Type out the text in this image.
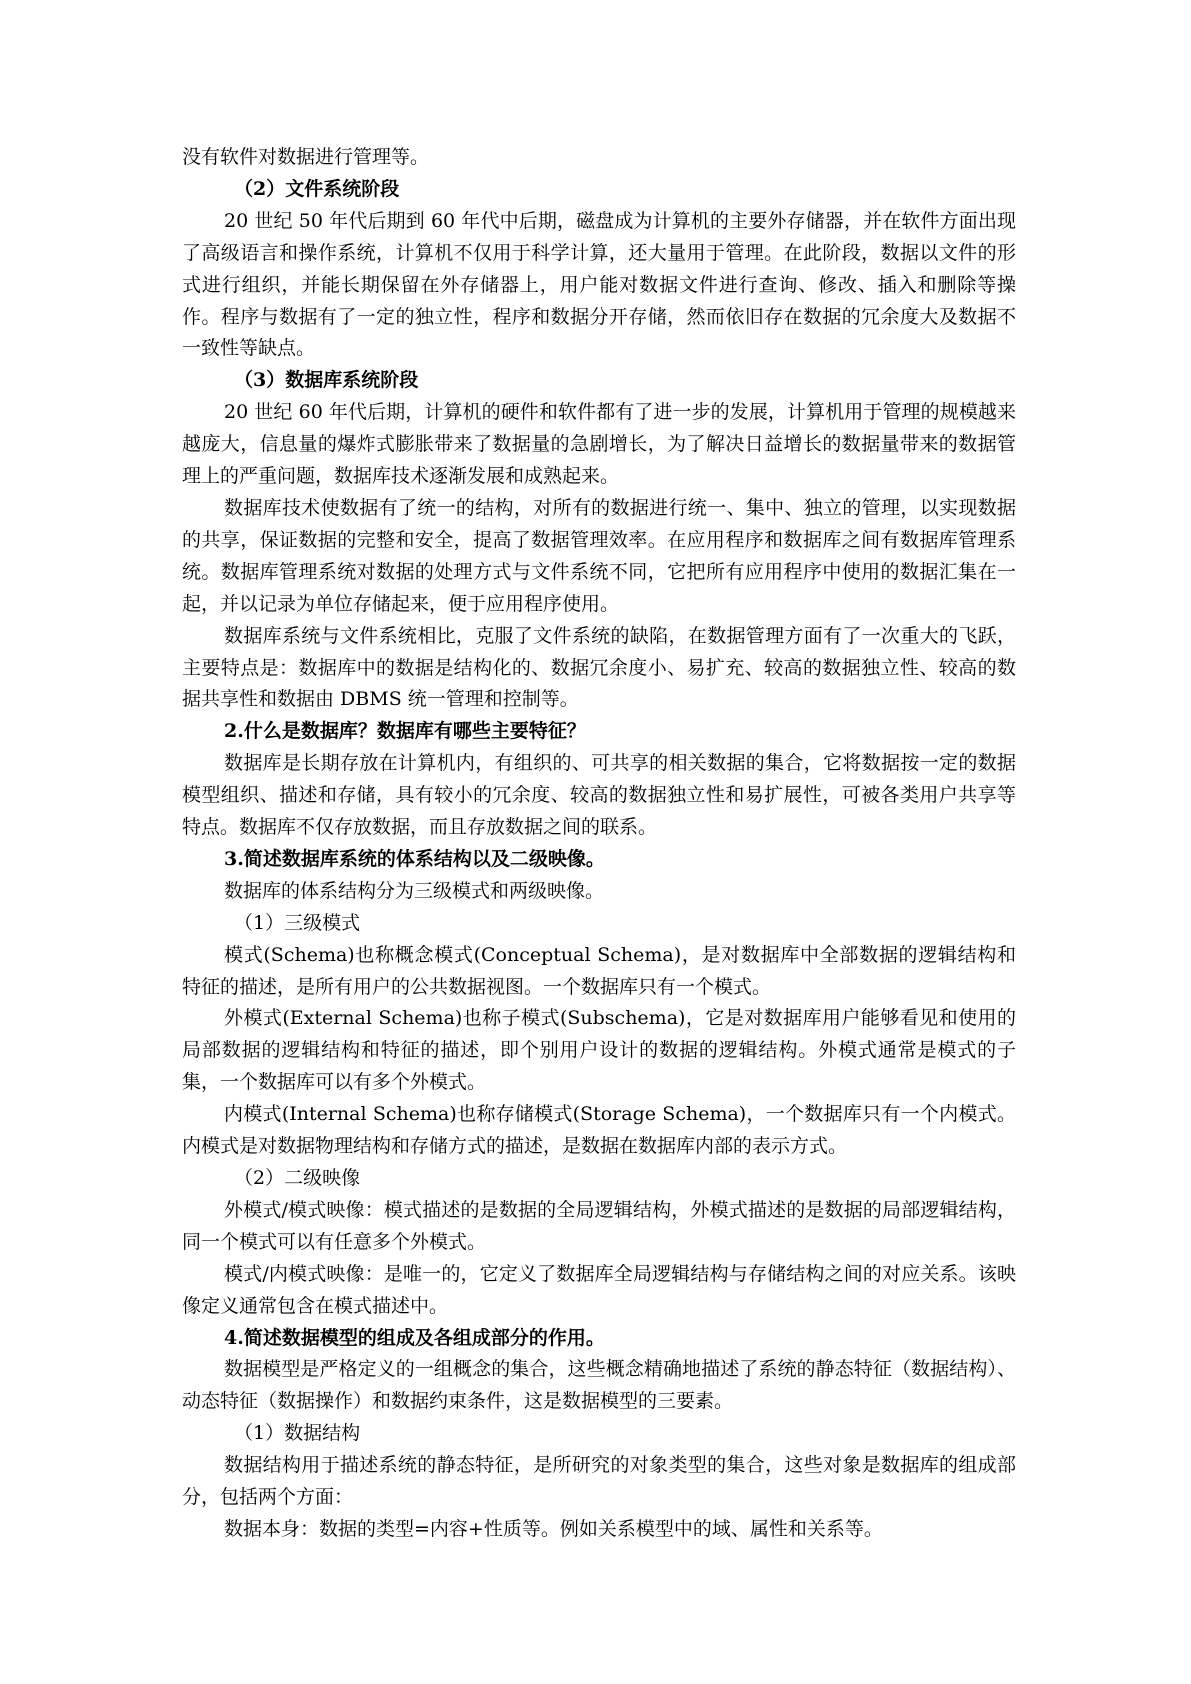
没有软件对数据进行管理等。

（2）文件系统阶段

20 世纪 50 年代后期到 60 年代中后期，磁盘成为计算机的主要外存储器，并在软件方面出现了高级语言和操作系统，计算机不仅用于科学计算，还大量用于管理。在此阶段，数据以文件的形式进行组织，并能长期保留在外存储器上，用户能对数据文件进行查询、修改、插入和删除等操作。程序与数据有了一定的独立性，程序和数据分开存储，然而依旧存在数据的冗余度大及数据不一致性等缺点。

（3）数据库系统阶段

20 世纪 60 年代后期，计算机的硬件和软件都有了进一步的发展，计算机用于管理的规模越来越庞大，信息量的爆炸式膨胀带来了数据量的急剧增长，为了解决日益增长的数据量带来的数据管理上的严重问题，数据库技术逐渐发展和成熟起来。

数据库技术使数据有了统一的结构，对所有的数据进行统一、集中、独立的管理，以实现数据的共享，保证数据的完整和安全，提高了数据管理效率。在应用程序和数据库之间有数据库管理系统。数据库管理系统对数据的处理方式与文件系统不同，它把所有应用程序中使用的数据汇集在一起，并以记录为单位存储起来，便于应用程序使用。

数据库系统与文件系统相比，克服了文件系统的缺陷，在数据管理方面有了一次重大的飞跃，主要特点是：数据库中的数据是结构化的、数据冗余度小、易扩充、较高的数据独立性、较高的数据共享性和数据由 DBMS 统一管理和控制等。

2.什么是数据库？数据库有哪些主要特征？

数据库是长期存放在计算机内，有组织的、可共享的相关数据的集合，它将数据按一定的数据模型组织、描述和存储，具有较小的冗余度、较高的数据独立性和易扩展性，可被各类用户共享等特点。数据库不仅存放数据，而且存放数据之间的联系。

3.简述数据库系统的体系结构以及二级映像。

数据库的体系结构分为三级模式和两级映像。

（1）三级模式

模式(Schema)也称概念模式(Conceptual Schema)，是对数据库中全部数据的逻辑结构和特征的描述，是所有用户的公共数据视图。一个数据库只有一个模式。

外模式(External Schema)也称子模式(Subschema)，它是对数据库用户能够看见和使用的局部数据的逻辑结构和特征的描述，即个别用户设计的数据的逻辑结构。外模式通常是模式的子集，一个数据库可以有多个外模式。

内模式(Internal Schema)也称存储模式(Storage Schema)，一个数据库只有一个内模式。内模式是对数据物理结构和存储方式的描述，是数据在数据库内部的表示方式。

（2）二级映像

外模式/模式映像：模式描述的是数据的全局逻辑结构，外模式描述的是数据的局部逻辑结构，同一个模式可以有任意多个外模式。

模式/内模式映像：是唯一的，它定义了数据库全局逻辑结构与存储结构之间的对应关系。该映像定义通常包含在模式描述中。

4.简述数据模型的组成及各组成部分的作用。

数据模型是严格定义的一组概念的集合，这些概念精确地描述了系统的静态特征（数据结构）、动态特征（数据操作）和数据约束条件，这是数据模型的三要素。

（1）数据结构

数据结构用于描述系统的静态特征，是所研究的对象类型的集合，这些对象是数据库的组成部分，包括两个方面：

数据本身：数据的类型=内容+性质等。例如关系模型中的域、属性和关系等。
